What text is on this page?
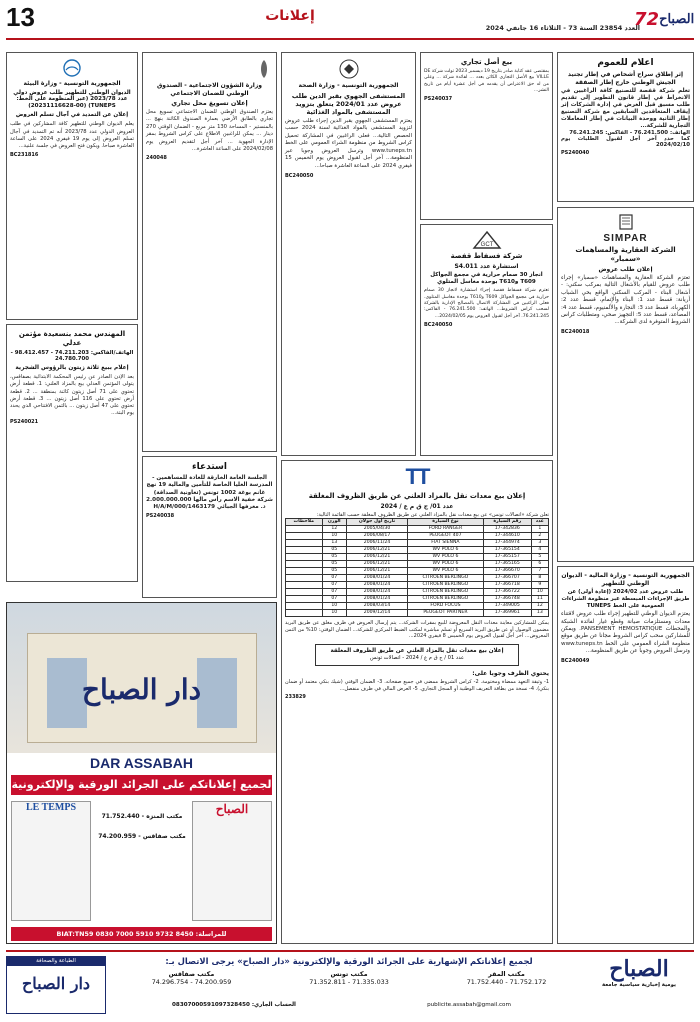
13	إعلانات
العدد 23854 السنة 73 - الثلاثاء 16 جانفي 2024
الصباح
72
اعلام للعموم
إثر إطلاق سراح أشخاص في إطار تجنيد الجيش الوطني خارج إطار الصفقة
تعلم شركة قفصة للتصنيع كافة الراغبين في الانخراط في إطار قانون التطوير إلى تقديم طلب مسبق قبل الغرض في إدارة الشركات إثر إيقاف المتعاقدين السابقين مع شركة التصنيع إطار الثانية ووحدة البيانات في إطار المعاملات التجارية للشركة...
الهاتف: 76.241.500 - الفاكس: 76.241.245
كما حدد آخر أجل لقبول الطلبات يوم 2024/02/10
PS240040
SIMPAR
الشركة العقارية والمساهمات «سمبار»
إعلان طلب عروض
تعتزم الشركة العقارية والمساهمات «سمبار» إجراء طلب عروض للقيام بالأشغال التالية بمركب سكني: - أشغال البناء - المركب السكني الواقع بحي الشباب أريانة: قسط عدد 1: البناء والإتمام، قسط عدد 2: الكهرباء، قسط عدد 3: النجارة والألمنيوم، قسط عدد 4: المصاعد، قسط عدد 5: التجهيز صحي، ومتطلبات كراس الشروط المتوفرة لدى الشركة...
BC240018
الجمهورية التونسية - وزارة المالية - الديوان الوطني للتطهير
طلب عروض عدد 2024/02 (إعادة أولى) عن طريق الإجراءات المبسطة عبر منظومة الشراءات العمومية على الخط TUNEPS
يعتزم الديوان الوطني للتطهير إجراء طلب عروض لاقتناء معدات ومستلزمات صيانة وقطع غيار لفائدة الشبكة والمحطات PANSEMENT HEMOSTATIQUE. ويمكن للمشاركين سحب كراس الشروط مجانا عن طريق موقع منظومة الشراء العمومي على الخط www.tuneps.tn وترسل العروض وجوبا عن طريق المنظومة...
BC240049
بيع أصل تجاري
بمقتضى عقد كتابة صادر بتاريخ 19 ديسمبر 2023 تولت شركة DE VILLE بيع الأصل التجاري الكائن بعدد ... لفائدة شركة ... وعلى من له حق الاعتراض أن يقدمه في أجل عشرة أيام من تاريخ النشر...
PS240037
GCT
شركة فسفاط قفصة
استشارة عدد S4.011
انجاز 30 صمام حرارية في مجمع الجواكل T609 وT610 بوحدة مغاسل المتلوي
تعتزم شركة فسفاط قفصة إجراء استشارة لانجاز 30 صمام حرارية في مجمع الجواكل T609 وT610 بوحدة مغاسل المتلوي. فعلى الراغبين في المشاركة الاتصال بالمصالح الإدارية بالشركة لسحب كراس الشروط... الهاتف: 76.241.500 - الفاكس: 76.241.245. آخر أجل لقبول العروض يوم 2024/02/05...
BC240050
الجمهورية التونسية - وزارة الصحة
المستشفى الجهوي بقبر الدين طلب عروض عدد 2024/01 يتعلق بتزويد المستشفى بالمواد الغذائية
يعتزم المستشفى الجهوي بقبر الدين إجراء طلب عروض لتزويد المستشفى بالمواد الغذائية لسنة 2024 حسب الحصص التالية... فعلى الراغبين في المشاركة تحميل كراس الشروط من منظومة الشراء العمومي على الخط www.tuneps.tn وترسل العروض وجوبا عبر المنظومة... آخر أجل لقبول العروض يوم الخميس 15 فيفري 2024 على الساعة العاشرة صباحا...
BC240050
وزارة الشؤون الاجتماعية - الصندوق الوطني للضمان الاجتماعي
إعلان تسويغ محل تجاري
يعتزم الصندوق الوطني للضمان الاجتماعي تسويغ محل تجاري بالطابق الأرضي بعمارة الصندوق الكائنة بنهج ... بالمنستير - المساحة 130 متر مربع - الضمان الوقتي 270 دينار ... يمكن للراغبين الاطلاع على كراس الشروط بمقر الإدارة الجهوية ... آخر أجل لتقديم العروض يوم 2024/02/08 على الساعة العاشرة...
240048
استدعاء
الجلسة العامة الخارقة للعادة للمساهمين - المدرسة العليا الخاصة للتأمين والمالية 19 نهج غانم بوغة 1002 تونس (تعاونية الصداقة) شركة خفية الاسم رأس مالها 2.000.000.000 د. معرفها الجبائي 1463179/H/A/M/000
PS240038
الجمهورية التونسية - وزارة البيئة
الديوان الوطني للتطهير طلب عروض دولي عدد 2023/78 (عبر المنظومة على الخط: TUNEPS) (20231116628-00)
إعلان عن التمديد في آجال تسلم العروض
يعلم الديوان الوطني للتطهير كافة المشاركين في طلب العروض الدولي عدد 2023/78 أنه تم التمديد في آجال تسلم العروض إلى يوم 19 فيفري 2024 على الساعة العاشرة صباحا. ويكون فتح العروض في جلسة علنية...
BC231816
المهندس محمد بنسعيدة مؤتمن عدلي
الهاتف/الفاكس: 74.211.203 - 98.412.457 - 24.780.700
إعلام ببيع ثلاثة زيتون بالرؤوس الشجرية
بعد الإذن الصادر عن رئيس المحكمة الابتدائية بصفاقس، يتولى المؤتمن العدلي بيع بالمزاد العلني: 1. قطعة أرض تحتوي على 71 أصل زيتون كائنة بمنطقة ... 2. قطعة أرض تحتوي على 116 أصل زيتون ... 3. قطعة أرض تحتوي على 47 أصل زيتون ... بالثمن الافتتاحي الذي يحدد يوم البتة...
PS240021
دار الصباح
DAR ASSABAH
لجميع إعلاناتكم على الجرائد الورقية والإلكترونية
LE TEMPS	الصباح
مكتب المنزه - 71.752.440
مكتب صفاقس - 74.200.959
للمراسلة: BIAT:TN59 0830 7000 5910 9732 8450
TT
إعلان بيع معدات نقل بالمزاد العلني عن طريق الظروف المغلقة
عدد 01/ ج ق م ع / 2024
تعلن شركة «اتصالات تونس» عن بيع معدات نقل بالمزاد العلني عن طريق الظروف المغلقة حسب القائمة التالية:
عدد	رقم السيارة	نوع السيارة	تاريخ أول جولان	الوزن	ملاحظات
1	17-342836	FORD RANGER	2005/04/30	12	
2	17-344610	PEUGEOT 407	2006/08/17	10	
3	17-344974	FIAT SIENNA	2006/11/24	13	
4	17-365154	WV POLO 6	2006/12/21	05	
5	17-365157	WV POLO 6	2006/12/21	05	
6	17-365165	WV POLO 6	2006/12/21	05	
7	17-366670	WV POLO 6	2006/12/21	05	
8	17-366707	CITROEN BERLINGO	2008/01/24	07	
9	17-366718	CITROEN BERLINGO	2008/01/24	07	
10	17-366722	CITROEN BERLINGO	2008/01/24	07	
11	17-366748	CITROEN BERLINGO	2008/01/24	07	
12	17-349005	FORD FOCUS	2008/03/14	10	
13	17-369961	PEUGEOT PARTNER	2009/12/14	10	
يمكن للمشاركين معاينة معدات النقل المعروضة للبيع بمقرات الشركة... يتم إرسال العروض في ظرف مغلق عن طريق البريد مضمون الوصول أو عن طريق البريد السريع أو تسلم مباشرة لمكتب الضبط المركزي للشركة... الضمان الوقتي: 10% من الثمن المعروض... آخر أجل لقبول العروض يوم الخميس 8 فيفري 2024...
إعلان بيع معدات نقل بالمزاد العلني عن طريق الظروف المغلقة
عدد 01 / ج ق م ع / 2024 - اتصالات تونس
يحتوي الظرف وجوبا على:
1- وثيقة التعهد ممضاة ومختومة. 2- كراس الشروط ممضى في جميع صفحاته. 3- الضمان الوقتي (شيك بنكي معتمد أو ضمان بنكي). 4- نسخة من بطاقة التعريف الوطنية أو السجل التجاري. 5- العرض المالي في ظرف منفصل...
233829
الصباح
يومية إخبارية سياسية جامعة
لجميع إعلاناتكم الإشهارية على الجرائد الورقية والإلكترونية «دار الصباح» يرجى الاتصال بـ:
مكتب المقر
71.752.440 - 71.752.172
مكتب تونس
71.352.811 - 71.335.033
مكتب صفاقس
74.296.754 - 74.200.959
publicite.assabah@gmail.com
الحساب الجاري: 08307000591097328450
الطباعة والصحافة
دار الصباح
